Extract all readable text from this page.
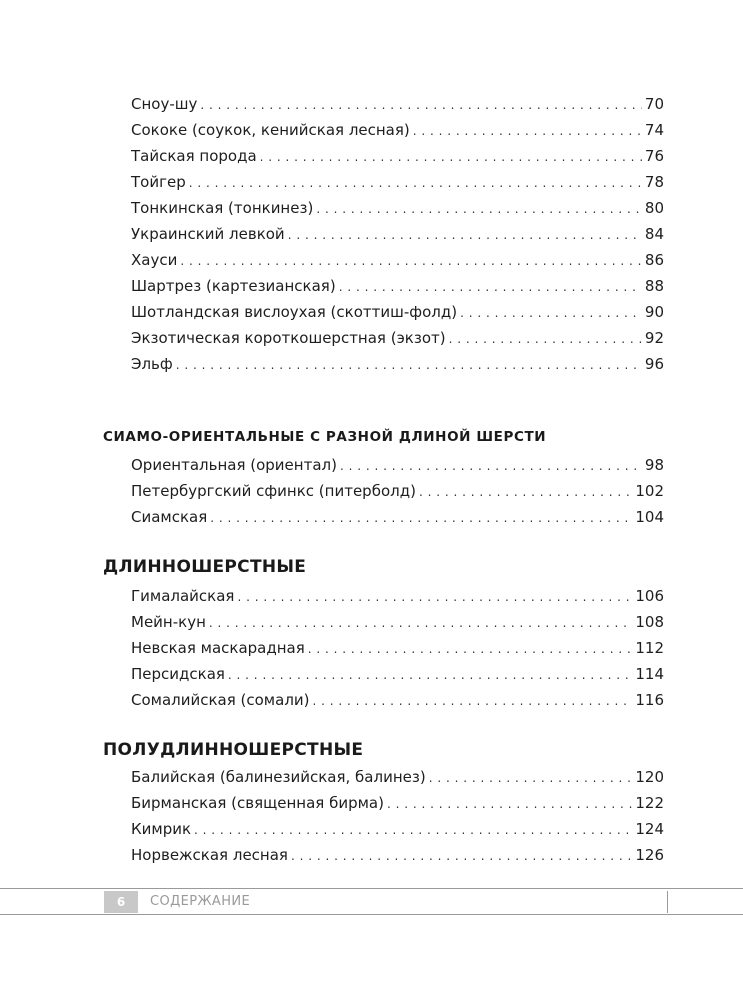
Сноу-шу . . .	70
Сококе (соукок, кенийская лесная) . . .	74
Тайская порода . . .	76
Тойгер . . .	78
Тонкинская (тонкинез) . . .	80
Украинский левкой . . .	84
Хауси . . .	86
Шартрез (картезианская) . . .	88
Шотландская вислоухая (скоттиш-фолд) . . .	90
Экзотическая короткошерстная (экзот) . . .	92
Эльф . . .	96
СИАМО-ОРИЕНТАЛЬНЫЕ С РАЗНОЙ ДЛИНОЙ ШЕРСТИ
Ориентальная (ориентал) . . .	98
Петербургский сфинкс (питерболд) . . .	102
Сиамская . . .	104
ДЛИННОШЕРСТНЫЕ
Гималайская . . .	106
Мейн-кун . . .	108
Невская маскарадная . . .	112
Персидская . . .	114
Сомалийская (сомали) . . .	116
ПОЛУДЛИННОШЕРСТНЫЕ
Балийская (балинезийская, балинез) . . .	120
Бирманская (священная бирма) . . .	122
Кимрик . . .	124
Норвежская лесная . . .	126
6	СОДЕРЖАНИЕ
